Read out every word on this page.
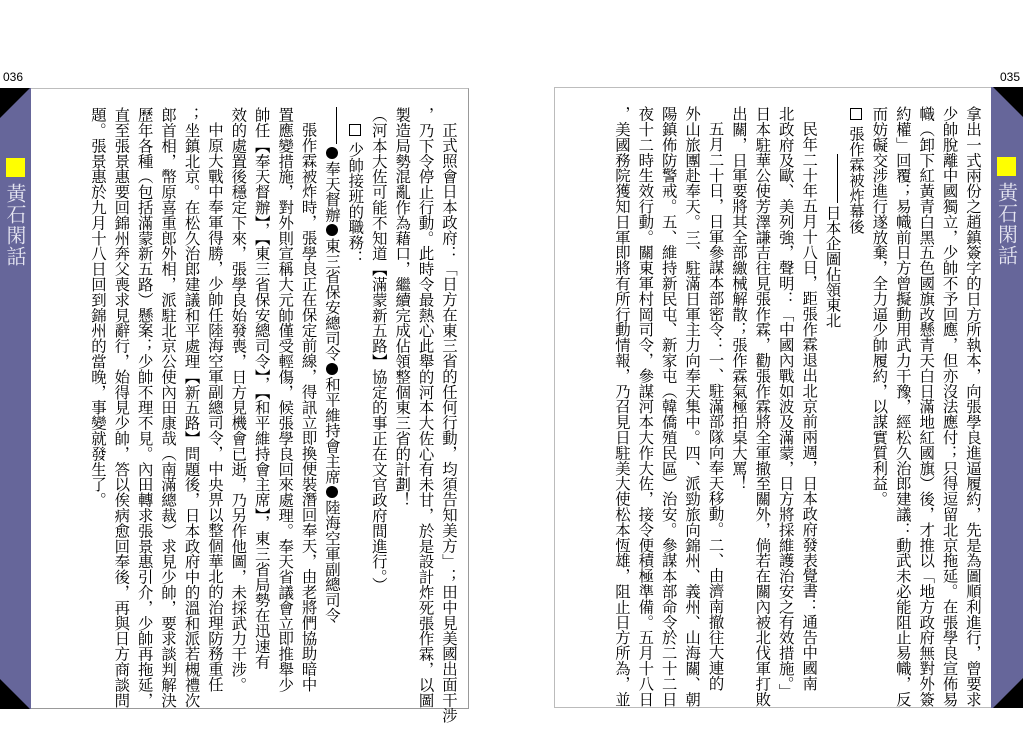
036	035
黃石閑話	黃石閑話
正式照會日本政府：「日方在東三省的任何行動，均須告知美方」；田中見美國出面干涉
，乃下令停止行動。此時令最熱心此舉的河本大佐心有未甘，於是設計炸死張作霖，以圖
製造局勢混亂作為藉口，繼續完成佔領整個東三省的計劃！
（河本大佐可能不知道【滿蒙新五路】協定的事正在文官政府間進行。）
 少帥接班的職務：
奉天督辦東三省保安總司令和平維持會主席陸海空軍副總司令
張作霖被炸時，張學良正在保定前線，得訊立即換便裝潛回奉天，由老將們協助暗中
置應變措施，對外則宣稱大元帥僅受輕傷，候張學良回來處理。奉天省議會立即推舉少
帥任【奉天督辦】，【東三省保安總司令】，【和平維持會主席】，東三省局勢在迅速有
效的處置後穩定下來，張學良始發喪，日方見機會已逝，乃另作他圖，未採武力干涉。
中原大戰中奉軍得勝，少帥任陸海空軍副總司令，中央畀以整個華北的治理防務重任
；坐鎮北京。在松久治郎建議和平處理【新五路】問題後，日本政府中的溫和派若槻禮次
郎首相，幣原喜重郎外相，派駐北京公使內田康哉（南滿總裁）求見少帥，要求談判解決
歷年各種（包括滿蒙新五路）懸案；少帥不理不見。內田轉求張景惠引介，少帥再拖延，
直至張景惠要回錦州奔父喪求見辭行，始得見少帥，答以俟病愈回奉後，再與日方商談問
題。張景惠於九月十八日回到錦州的當晚，事變就發生了。	拿出一式兩份之趙鎮簽字的日方所執本，向張學良進逼履約，先是為圖順利進行，曾要求
少帥脫離中國獨立，少帥不予回應，但亦沒法應付；只得逗留北京拖延。在張學良宣佈易
幟（卸下紅黃青白黑五色國旗改懸青天白日滿地紅國旗）後，才推以「地方政府無對外簽
約權」回覆；易幟前日方曾擬動用武力干豫，經松久治郎建議：動武未必能阻止易幟，反
而妨礙交涉進行遂放棄，全力逼少帥履約，以謀實質利益。
 張作霖被炸幕後
日本企圖佔領東北
民年二十年五月十八日，距張作霖退出北京前兩週，日本政府發表覺書：通告中國南
北政府及歐、美列強，聲明：「中國內戰如波及滿蒙，日方將採維護治安之有效措施。」
日本駐華公使芳澤謙吉往見張作霖，勸張作霖將全軍撤至關外，倘若在關內被北伐軍打敗
出關，日軍要將其全部繳械解散；張作霖氣極拍桌大罵！
五月二十日，日軍參謀本部密令：一、駐滿部隊向奉天移動。二、由濟南撤往大連的
外山旅團赴奉天。三、駐滿日軍主力向奉天集中。四、派勁旅向錦州、義州、山海關、朝
陽鎮佈防警戒。五、維持新民屯、新家屯（韓僑殖民區）治安。參謀本部命令於二十二日
夜十二時生效行動。關東軍村岡司令，參謀河本大作大佐，接令便積極準備。五月十八日
，美國務院獲知日軍即將有所行動情報，乃召見日駐美大使松本恆雄，阻止日方所為，並
